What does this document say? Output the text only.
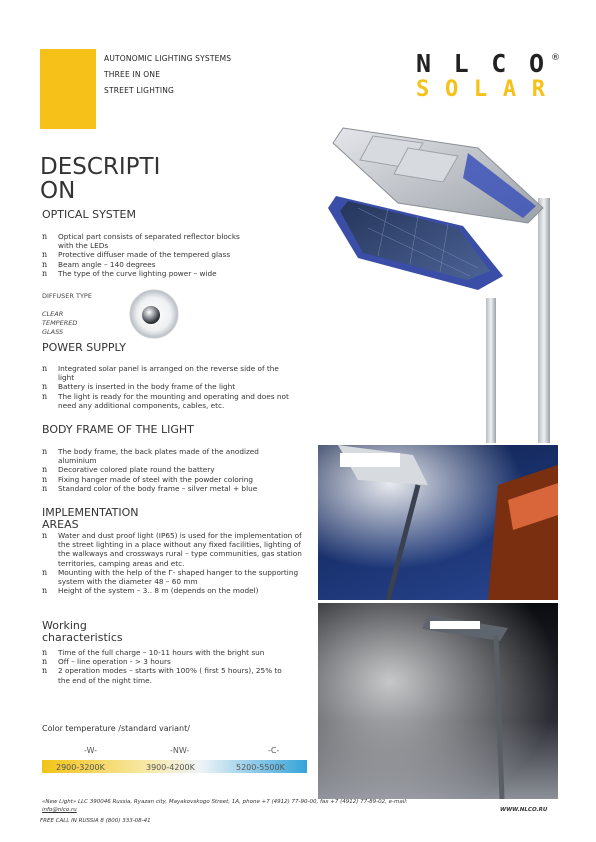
AUTONOMIC LIGHTING SYSTEMS
THREE IN ONE
STREET LIGHTING
NLCO
SOLAR
®
DESCRIPTI ON
OPTICAL SYSTEM
n Optical part consists of separated reflector blocks with the LEDs
n Protective diffuser made of the tempered glass
n Beam angle – 140 degrees
n The type of the curve lighting power – wide
DIFFUSER TYPE
CLEAR TEMPERED GLASS
POWER SUPPLY
n Integrated solar panel is arranged on the reverse side of the light
n Battery is inserted in the body frame of the light
n The light is ready for the mounting and operating and does not need any additional components, cables, etc.
BODY FRAME OF THE LIGHT
n The body frame, the back plates made of the anodized aluminium
n Decorative colored plate round the battery
n Fixing hanger made of steel with the powder coloring
n Standard color of the body frame – silver metal + blue
IMPLEMENTATION AREAS
n Water and dust proof light (IP65) is used for the implementation of the street lighting in a place without any fixed facilities, lighting of the walkways and crossways rural – type communities, gas station territories, camping areas and etc.
n Mounting with the help of the Г- shaped hanger to the supporting system with the diameter 48 – 60 mm
n Height of the system – 3.. 8 m (depends on the model)
Working characteristics
n Time of the full charge – 10-11 hours with the bright sun
n Off – line operation - > 3 hours
n 2 operation modes – starts with 100% ( first 5 hours), 25% to the end of the night time.
Color temperature /standard variant/
-W-	-NW-	-C-
2900-3200K	3900-4200K	5200-5500K
«New Light» LLC 390046 Russia, Ryazan city, Mayakovskogo Street, 1A, phone +7 (4912) 77-90-00, fax +7 (4912) 77-89-02, e-mail:
info@nlco.ru	WWW.NLCO.RU
FREE CALL IN RUSSIA 8 (800) 333-08-41
